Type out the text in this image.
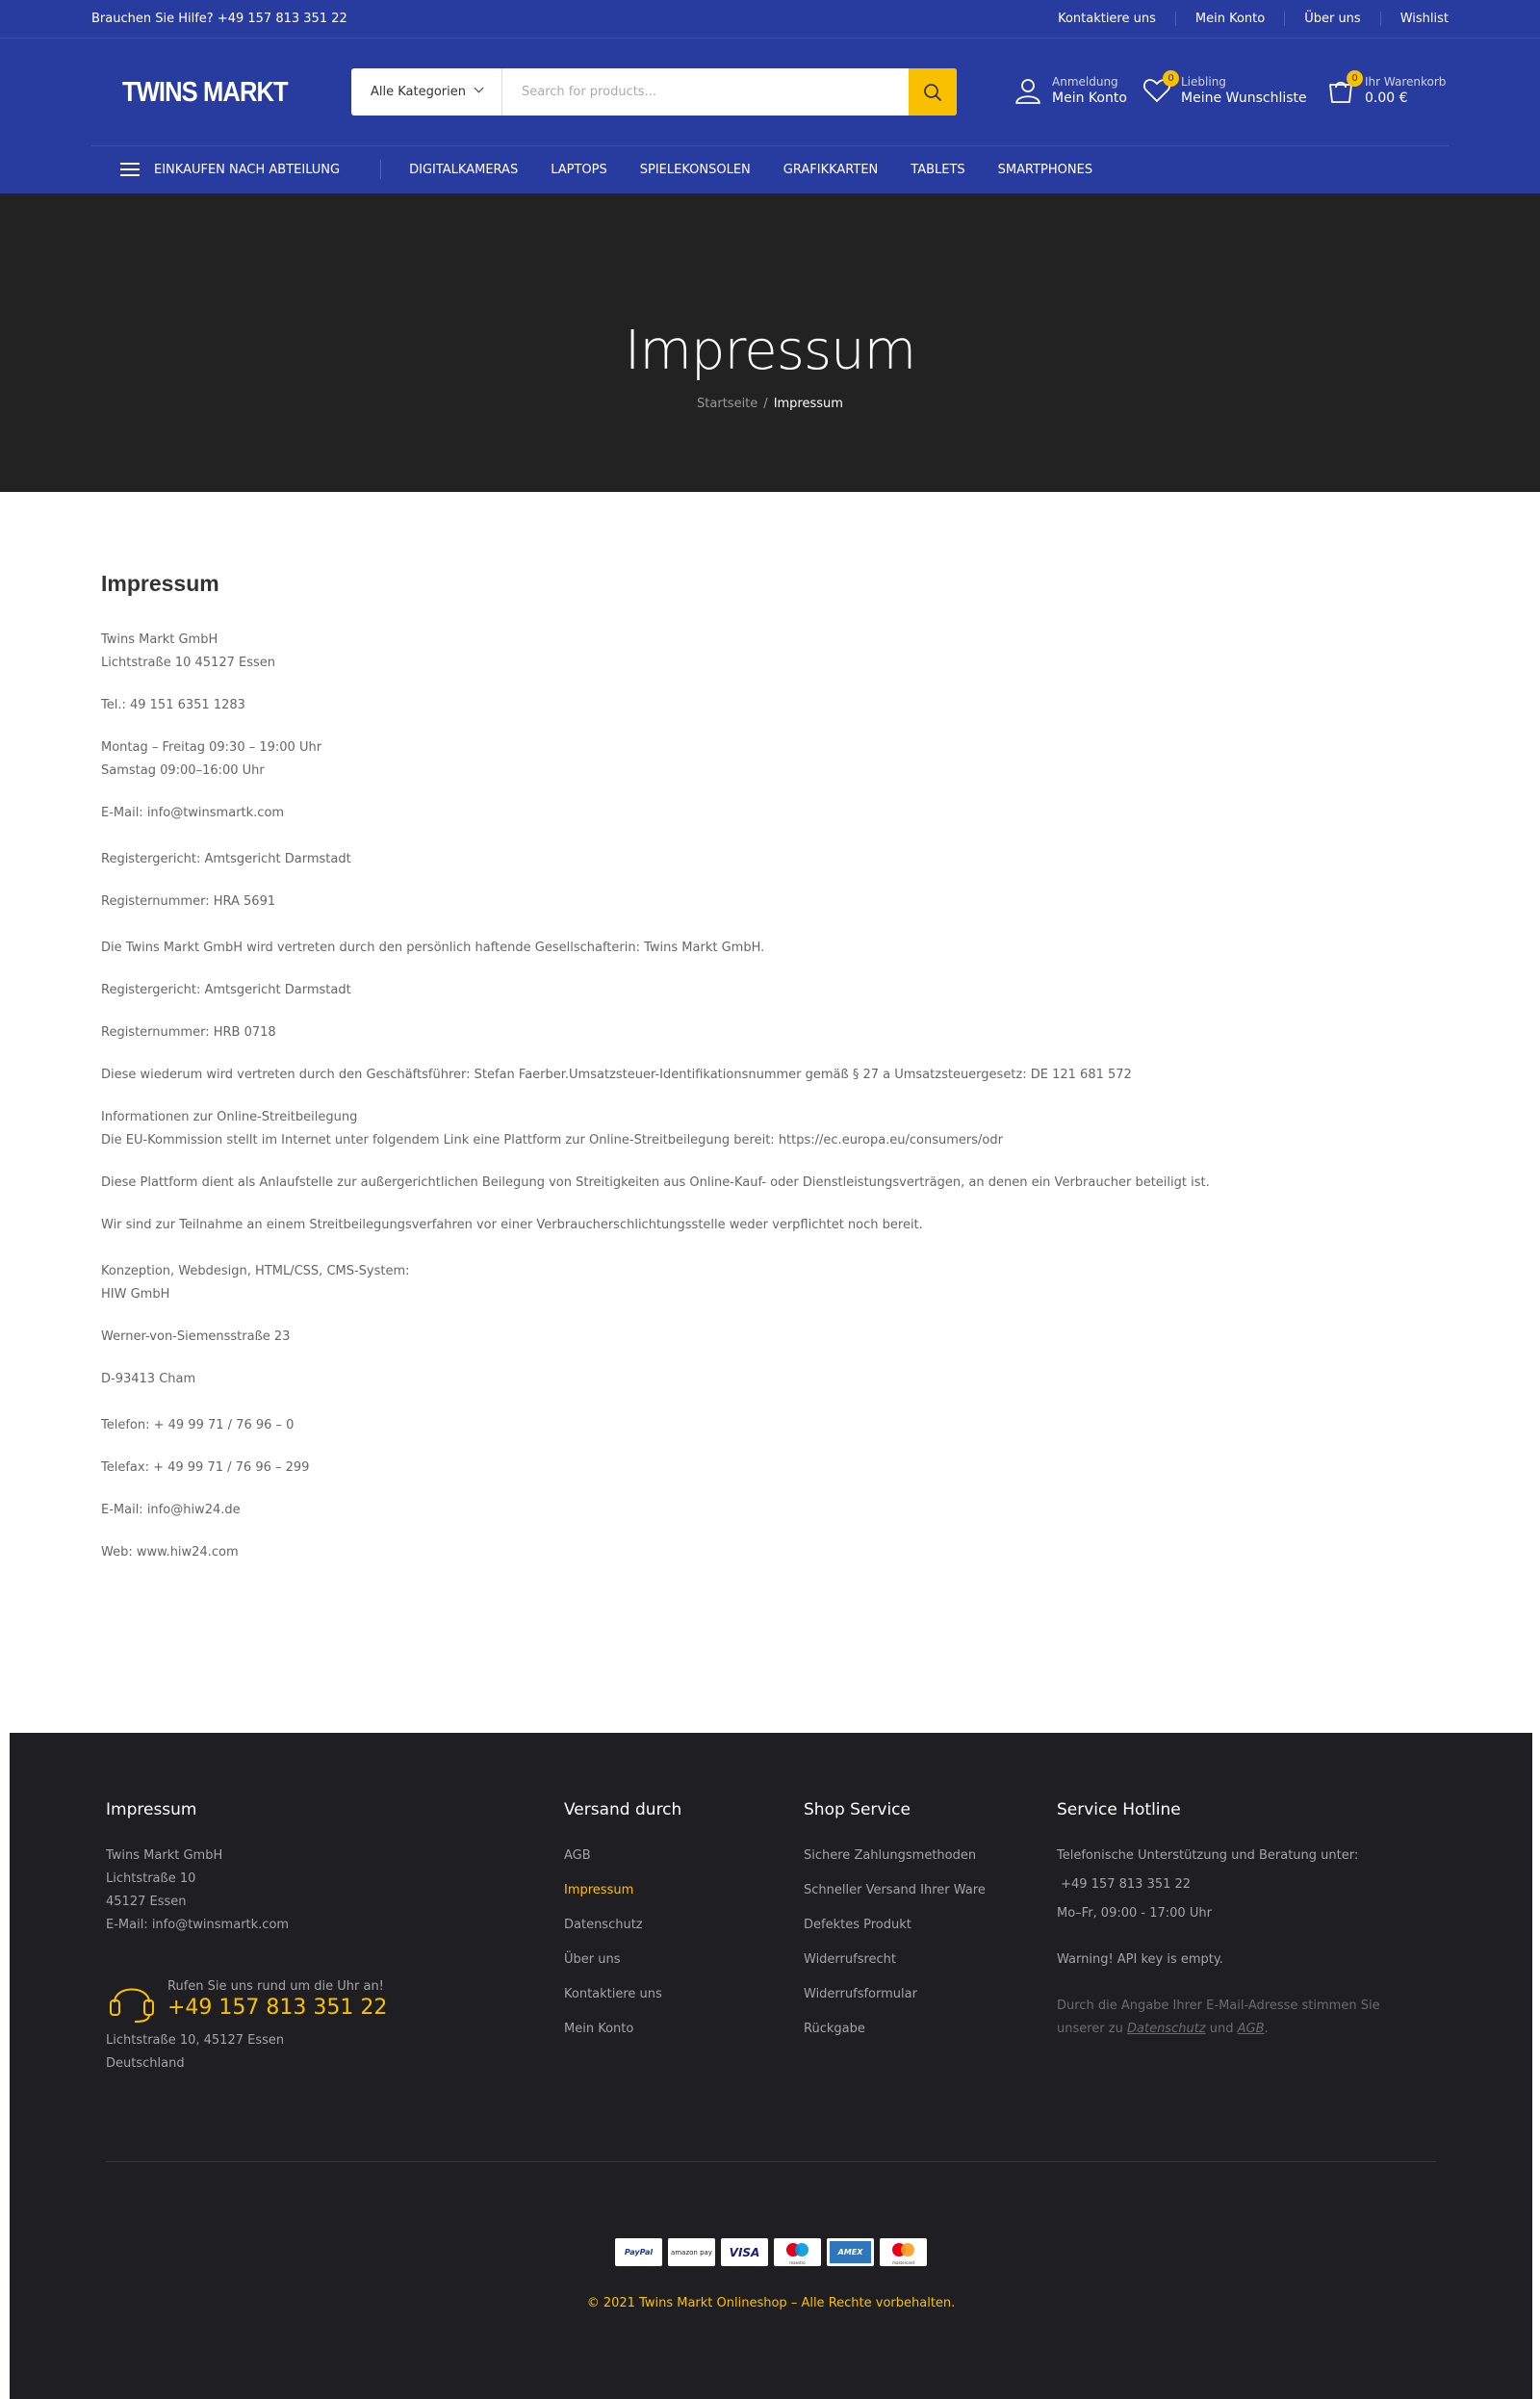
Brauchen Sie Hilfe? +49 157 813 351 22	Kontaktiere uns	Mein Konto	Über uns	Wishlist
TWINS MARKT	Alle Kategorien
Search for products...
Anmeldung
Mein Konto
0 Liebling
Meine Wunschliste
0 Ihr Warenkorb
0.00 €
EINKAUFEN NACH ABTEILUNG	DIGITALKAMERAS	LAPTOPS	SPIELEKONSOLEN	GRAFIKKARTEN	TABLETS	SMARTPHONES
Impressum
Startseite / Impressum
Impressum

Twins Markt GmbH
Lichtstraße 10 45127 Essen

Tel.: 49 151 6351 1283

Montag – Freitag 09:30 – 19:00 Uhr
Samstag 09:00–16:00 Uhr

E-Mail: info@twinsmartk.com

Registergericht: Amtsgericht Darmstadt

Registernummer: HRA 5691

Die Twins Markt GmbH wird vertreten durch den persönlich haftende Gesellschafterin: Twins Markt GmbH.

Registergericht: Amtsgericht Darmstadt

Registernummer: HRB 0718

Diese wiederum wird vertreten durch den Geschäftsführer: Stefan Faerber.Umsatzsteuer-Identifikationsnummer gemäß § 27 a Umsatzsteuergesetz: DE 121 681 572

Informationen zur Online-Streitbeilegung
Die EU-Kommission stellt im Internet unter folgendem Link eine Plattform zur Online-Streitbeilegung bereit: https://ec.europa.eu/consumers/odr

Diese Plattform dient als Anlaufstelle zur außergerichtlichen Beilegung von Streitigkeiten aus Online-Kauf- oder Dienstleistungsverträgen, an denen ein Verbraucher beteiligt ist.

Wir sind zur Teilnahme an einem Streitbeilegungsverfahren vor einer Verbraucherschlichtungsstelle weder verpflichtet noch bereit.

Konzeption, Webdesign, HTML/CSS, CMS-System:
HIW GmbH

Werner-von-Siemensstraße 23

D-93413 Cham

Telefon: + 49 99 71 / 76 96 – 0

Telefax: + 49 99 71 / 76 96 – 299

E-Mail: info@hiw24.de

Web: www.hiw24.com

Impressum
Twins Markt GmbH
Lichtstraße 10
45127 Essen
E-Mail: info@twinsmartk.com
Rufen Sie uns rund um die Uhr an!
+49 157 813 351 22
Lichtstraße 10, 45127 Essen
Deutschland
Versand durch
AGB
Impressum
Datenschutz
Über uns
Kontaktiere uns
Mein Konto
Shop Service
Sichere Zahlungsmethoden
Schneller Versand Ihrer Ware
Defektes Produkt
Widerrufsrecht
Widerrufsformular
Rückgabe
Service Hotline
Telefonische Unterstützung und Beratung unter:
+49 157 813 351 22
Mo–Fr, 09:00 - 17:00 Uhr
Warning! API key is empty.
Durch die Angabe Ihrer E-Mail-Adresse stimmen Sie unserer zu Datenschutz und AGB.
PayPal	amazon pay VISA
maestro
AMEX
mastercard
© 2021 Twins Markt Onlineshop – Alle Rechte vorbehalten.
